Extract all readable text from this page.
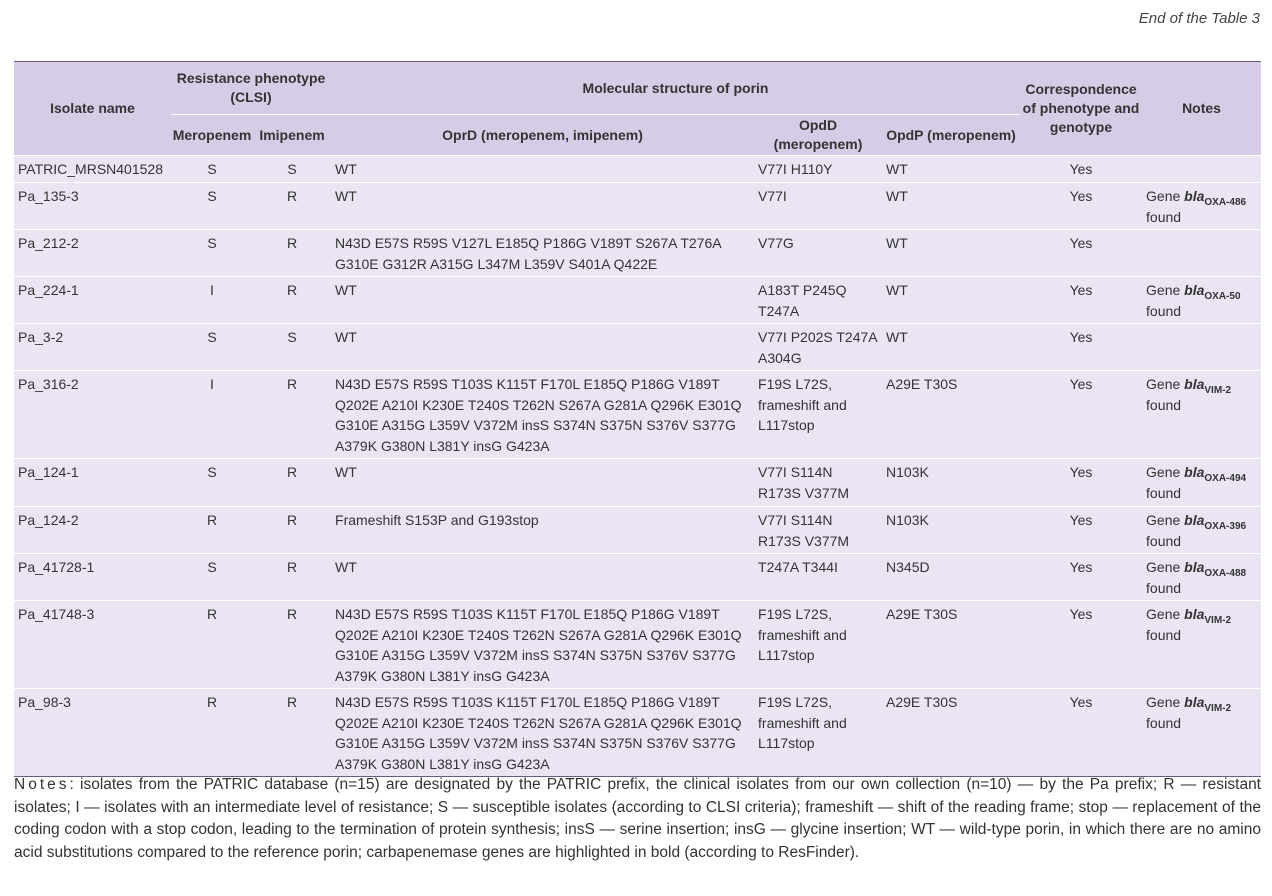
End of the Table 3
Isolate name	Resistance phenotype (CLSI)		Molecular structure of porin			Correspondence of phenotype and genotype	Notes
	Meropenem	Imipenem	OprD (meropenem, imipenem)	OpdD (meropenem)	OpdP (meropenem)		
PATRIC_MRSN401528	S	S	WT	V77I H110Y	WT	Yes	
Pa_135-3	S	R	WT	V77I	WT	Yes	Gene bla$_{OXA-486}$
found
Pa_212-2	S	R	N43D E57S R59S V127L E185Q P186G V189T S267A T276A G310E G312R A315G L347M L359V S401A Q422E	V77G	WT	Yes	
Pa_224-1	I	R	WT	A183T P245Q T247A	WT	Yes	Gene bla$_{OXA-50}$
found
Pa_3-2	S	S	WT	V77I P202S T247A A304G	WT	Yes	
Pa_316-2	I	R	N43D E57S R59S T103S K115T F170L E185Q P186G V189T Q202E A210I K230E T240S T262N S267A G281A Q296K E301Q G310E A315G L359V V372M insS S374N S375N S376V S377G A379K G380N L381Y insG G423A	F19S L72S, frameshift and L117stop	A29E T30S	Yes	Gene bla$_{VIM-2}$
found
Pa_124-1	S	R	WT	V77I S114N R173S V377M	N103K	Yes	Gene bla$_{OXA-494}$
found
Pa_124-2	R	R	Frameshift S153P and G193stop	V77I S114N R173S V377M	N103K	Yes	Gene bla$_{OXA-396}$
found
Pa_41728-1	S	R	WT	T247A T344I	N345D	Yes	Gene bla$_{OXA-488}$
found
Pa_41748-3	R	R	N43D E57S R59S T103S K115T F170L E185Q P186G V189T Q202E A210I K230E T240S T262N S267A G281A Q296K E301Q G310E A315G L359V V372M insS S374N S375N S376V S377G A379K G380N L381Y insG G423A	F19S L72S, frameshift and L117stop	A29E T30S	Yes	Gene bla$_{VIM-2}$
found
Pa_98-3	R	R	N43D E57S R59S T103S K115T F170L E185Q P186G V189T Q202E A210I K230E T240S T262N S267A G281A Q296K E301Q G310E A315G L359V V372M insS S374N S375N S376V S377G A379K G380N L381Y insG G423A	F19S L72S, frameshift and L117stop	A29E T30S	Yes	Gene bla$_{VIM-2}$
found
Notes: isolates from the PATRIC database (n=15) are designated by the PATRIC prefix, the clinical isolates from our own collection (n=10) — by the Pa prefix; R — resistant isolates; I — isolates with an intermediate level of resistance; S — susceptible isolates (according to CLSI criteria); frameshift — shift of the reading frame; stop — replacement of the coding codon with a stop codon, leading to the termination of protein synthesis; insS — serine insertion; insG — glycine insertion; WT — wild-type porin, in which there are no amino acid substitutions compared to the reference porin; carbapenemase genes are highlighted in bold (according to ResFinder).
